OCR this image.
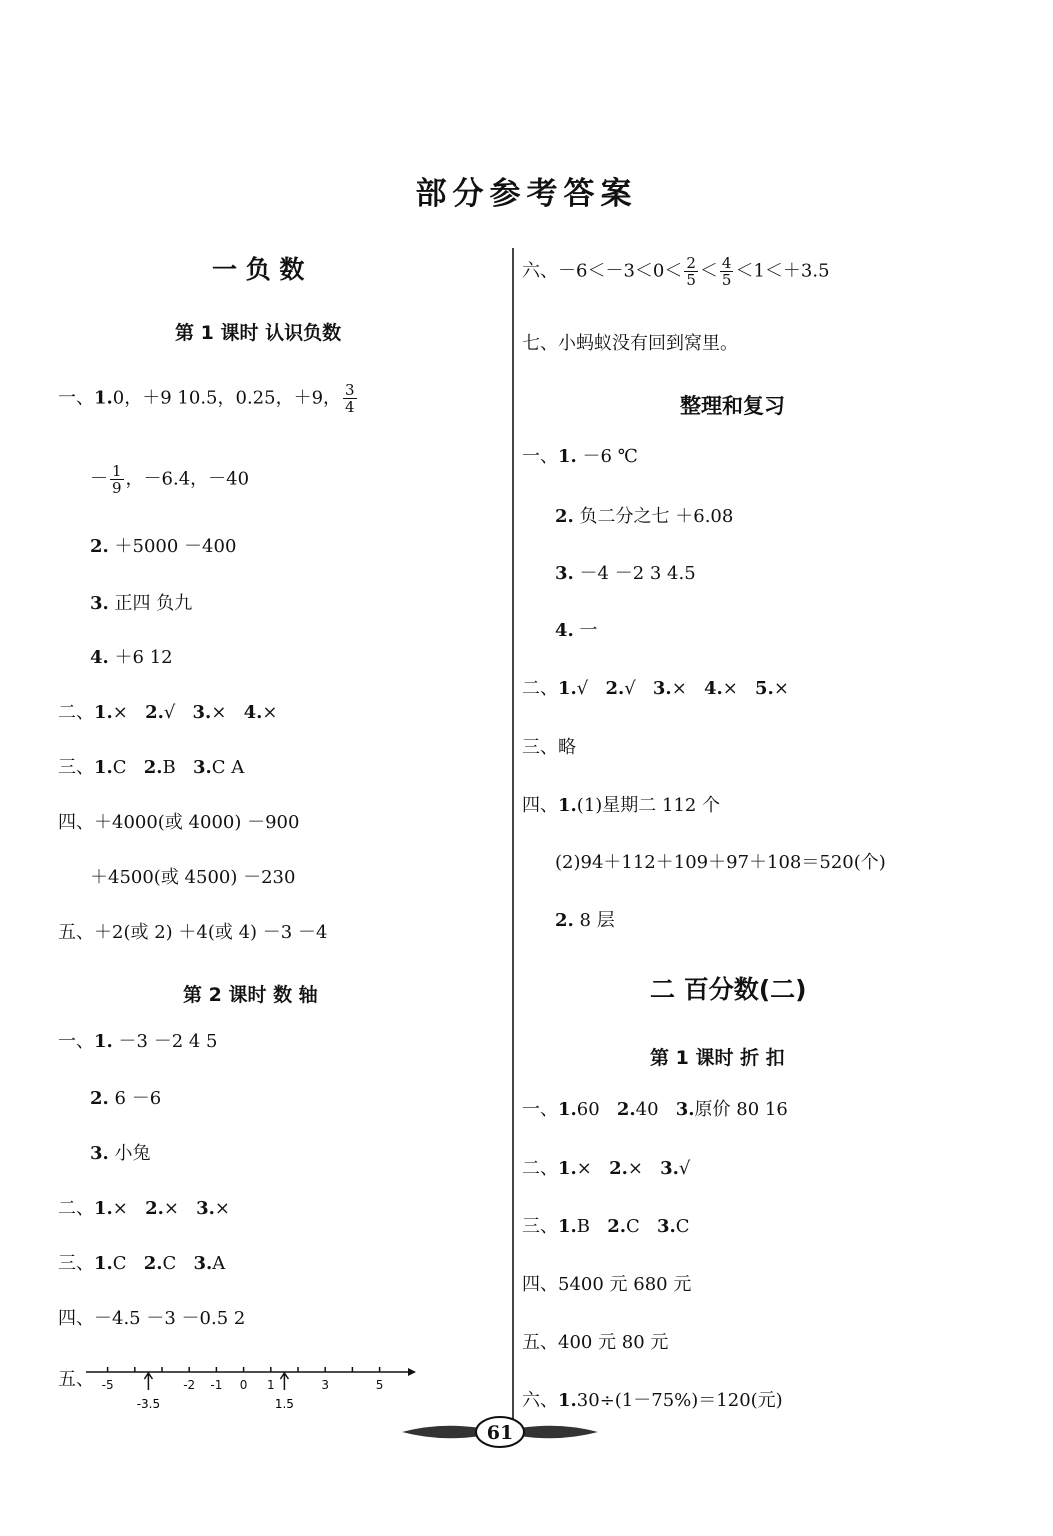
部分参考答案
一 负 数
第 1 课时 认识负数
一、1.0，＋9 10.5，0.25，＋9， $\frac{3}{4}$
－ $\frac{1}{9}$ ，－6.4，－40
2. ＋5000 －400
3. 正四 负九
4. ＋6 12
二、1.× 2.√ 3.× 4.×
三、1.C 2.B 3.C A
四、＋4000(或 4000) －900
＋4500(或 4500) －230
五、＋2(或 2) ＋4(或 4) －3 －4
第 2 课时 数 轴
一、1. －3 －2 4 5
2. 6 －6
3. 小兔
二、1.× 2.× 3.×
三、1.C 2.C 3.A
四、－4.5 －3 －0.5 2
五、 -5	-2 -1 0 1	3	5
-3.5	1.5
六、$-6<-3<0< \frac{2}{5} < \frac{4}{5} <1<+3.5$
七、小蚂蚁没有回到窝里。
整理和复习
一、1. －6 ℃
2. 负二分之七 ＋6.08
3. －4 －2 3 4.5
4. 一
二、1.√ 2.√ 3.× 4.× 5.×
三、略
四、1.(1)星期二 112 个
(2)94＋112＋109＋97＋108＝520(个)
2. 8 层
二 百分数(二)
第 1 课时 折 扣
一、1.60 2.40 3.原价 80 16
二、1.× 2.× 3.√
三、1.B 2.C 3.C
四、5400 元 680 元
五、400 元 80 元
六、1.30÷(1－75%)＝120(元)
61
